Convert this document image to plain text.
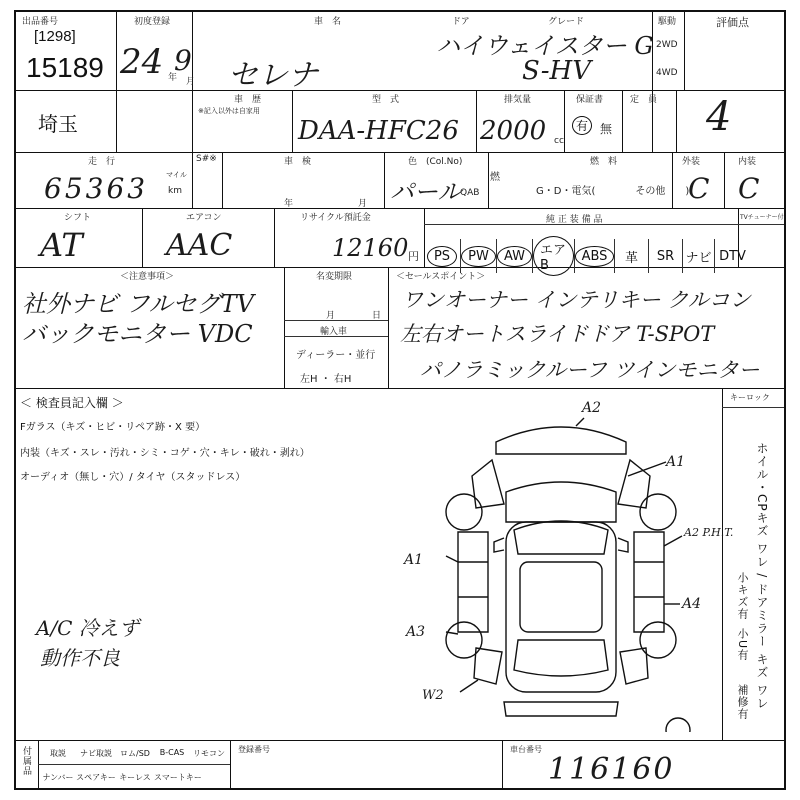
出品番号
[1298]
15189
初度登録
24 年
9
月
車　名
セレナ
ドア	グレード
ハイウェイスター G
S-HV
駆動
2WD
4WD
評価点
4
埼玉
車　歴
※記入以外は自家用
型　式
DAA-HFC26
排気量
2000 cc
保証書
有 無
定　員
走　行
65363	マイル
km
S#※	車　検
年	月
色　(Col.No)
パール
QAB
燃　料
G・D・電気(　　　　その他　　)
外装
C
内装
C
燃
シフト
AT
エアコン
AAC
リサイクル預託金
12160 円
純 正 装 備 品	TVチューナー付
PS	PW	AW	エアB
ABS	革	SR ナビ DTV
＜注意事項＞
社外ナビ フルセグTV
バックモニター VDC
名変期限
月	日
輸入車
ディーラー・並行
左H ・ 右H
＜セールスポイント＞
ワンオーナー インテリキー クルコン
左右オートスライドドア T-SPOT
パノラミックルーフ ツインモニター
＜ 検査員記入欄 ＞
Fガラス（キズ・ヒビ・リペア跡・X 要）
内装（キズ・スレ・汚れ・シミ・コゲ・穴・キレ・破れ・剥れ）
オーディオ（無し・穴）/ タイヤ（スタッドレス）
A/C 冷えず
動作不良
キーロック
ホイル・CPキズ ワレ / ドアミラー キズ ワレ
小キズ有
小U有
補修有
A2
A1
A2 P.H.T.
A1
A4
A3
W2
付属品	取説	ナビ取説	ロム/SD	B-CAS	リモコン
ナンバー スペアキー キーレス スマートキー
登録番号	車台番号
116160
